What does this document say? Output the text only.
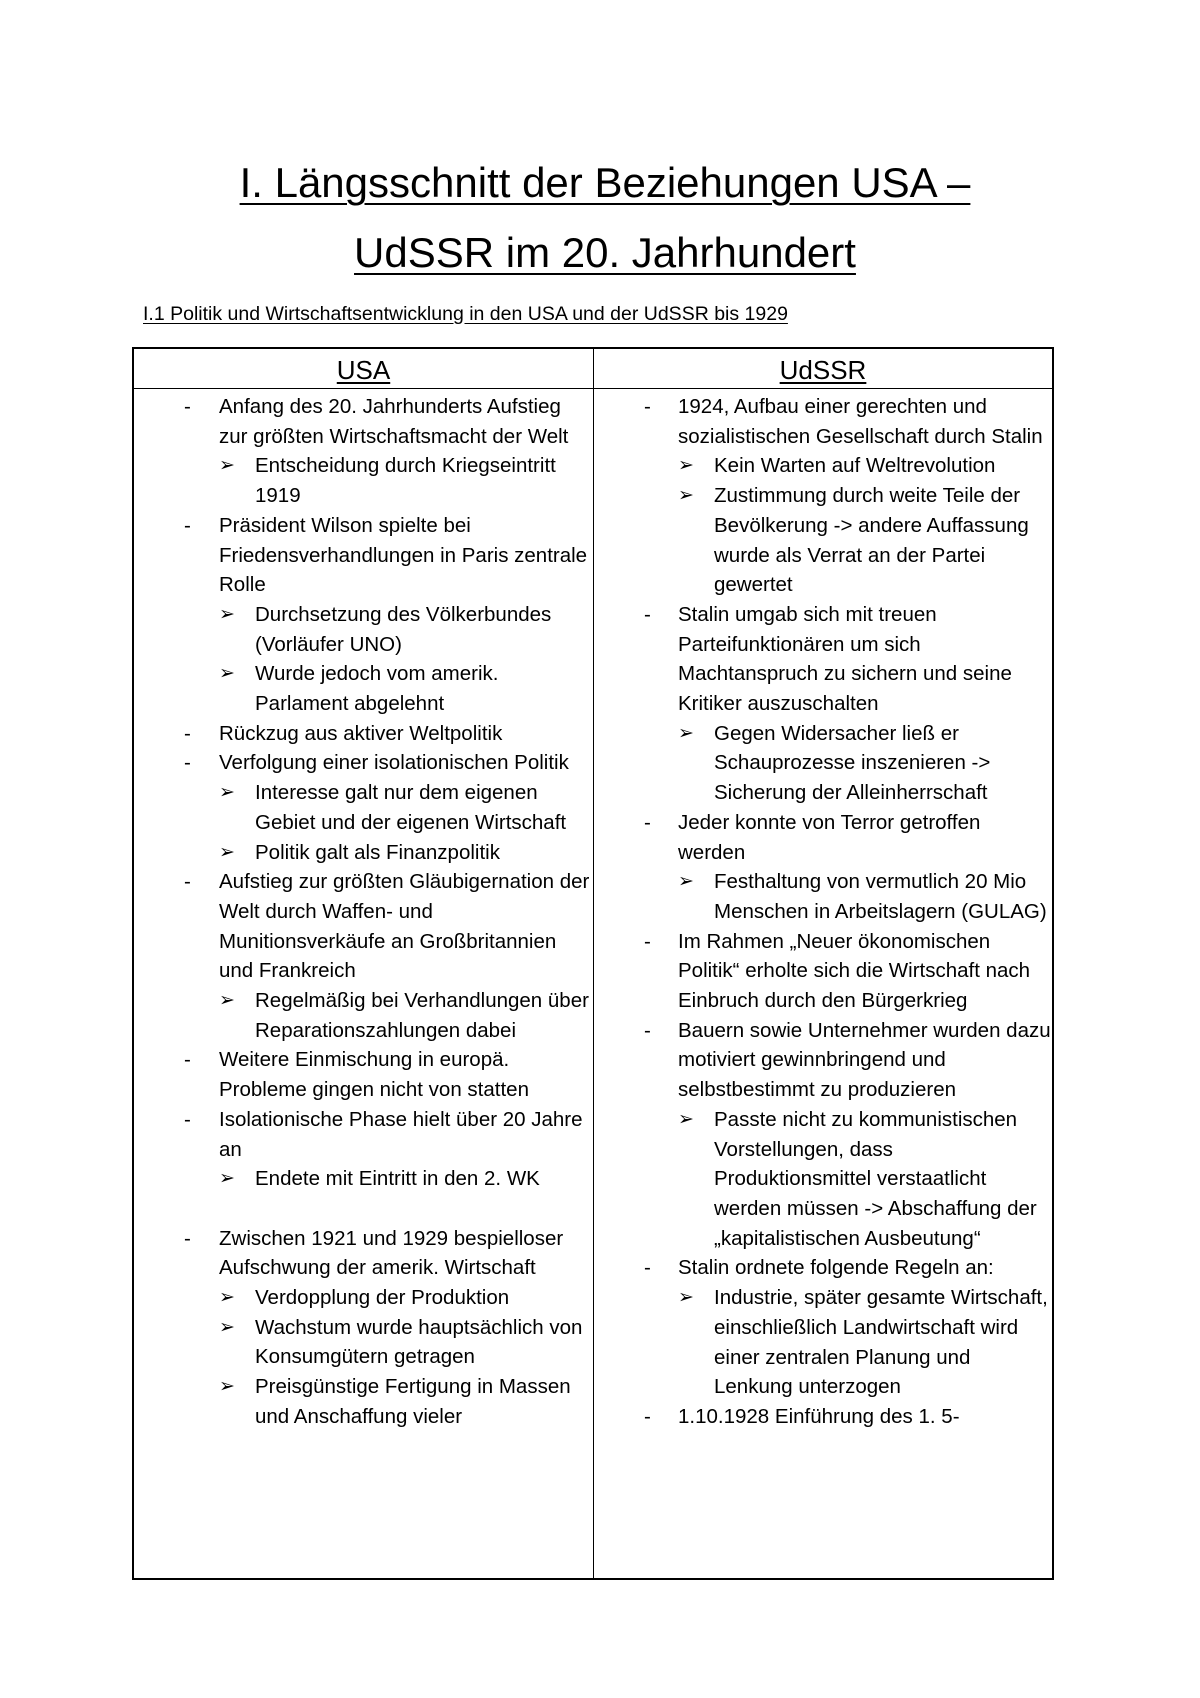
I. Längsschnitt der Beziehungen USA –
UdSSR im 20. Jahrhundert
I.1 Politik und Wirtschaftsentwicklung in den USA und der UdSSR bis 1929
USA
- Anfang des 20. Jahrhunderts Aufstieg zur größten Wirtschaftsmacht der Welt
➢ Entscheidung durch Kriegseintritt 1919
- Präsident Wilson spielte bei Friedensverhandlungen in Paris zentrale Rolle
➢ Durchsetzung des Völkerbundes (Vorläufer UNO)
➢ Wurde jedoch vom amerik. Parlament abgelehnt
- Rückzug aus aktiver Weltpolitik
- Verfolgung einer isolationischen Politik
➢ Interesse galt nur dem eigenen Gebiet und der eigenen Wirtschaft
➢ Politik galt als Finanzpolitik
- Aufstieg zur größten Gläubigernation der Welt durch Waffen- und Munitionsverkäufe an Großbritannien und Frankreich
➢ Regelmäßig bei Verhandlungen über Reparationszahlungen dabei
- Weitere Einmischung in europä. Probleme gingen nicht von statten
- Isolationische Phase hielt über 20 Jahre an
➢ Endete mit Eintritt in den 2. WK
- Zwischen 1921 und 1929 bespielloser Aufschwung der amerik. Wirtschaft
➢ Verdopplung der Produktion
➢ Wachstum wurde hauptsächlich von Konsumgütern getragen
➢ Preisgünstige Fertigung in Massen und Anschaffung vieler
UdSSR
- 1924, Aufbau einer gerechten und sozialistischen Gesellschaft durch Stalin
➢ Kein Warten auf Weltrevolution
➢ Zustimmung durch weite Teile der Bevölkerung -> andere Auffassung wurde als Verrat an der Partei gewertet
- Stalin umgab sich mit treuen Parteifunktionären um sich Machtanspruch zu sichern und seine Kritiker auszuschalten
➢ Gegen Widersacher ließ er Schauprozesse inszenieren -> Sicherung der Alleinherrschaft
- Jeder konnte von Terror getroffen werden
➢ Festhaltung von vermutlich 20 Mio Menschen in Arbeitslagern (GULAG)
- Im Rahmen „Neuer ökonomischen Politik“ erholte sich die Wirtschaft nach Einbruch durch den Bürgerkrieg
- Bauern sowie Unternehmer wurden dazu motiviert gewinnbringend und selbstbestimmt zu produzieren
➢ Passte nicht zu kommunistischen Vorstellungen, dass Produktionsmittel verstaatlicht werden müssen -> Abschaffung der „kapitalistischen Ausbeutung“
- Stalin ordnete folgende Regeln an:
➢ Industrie, später gesamte Wirtschaft, einschließlich Landwirtschaft wird einer zentralen Planung und Lenkung unterzogen
- 1.10.1928 Einführung des 1. 5-
